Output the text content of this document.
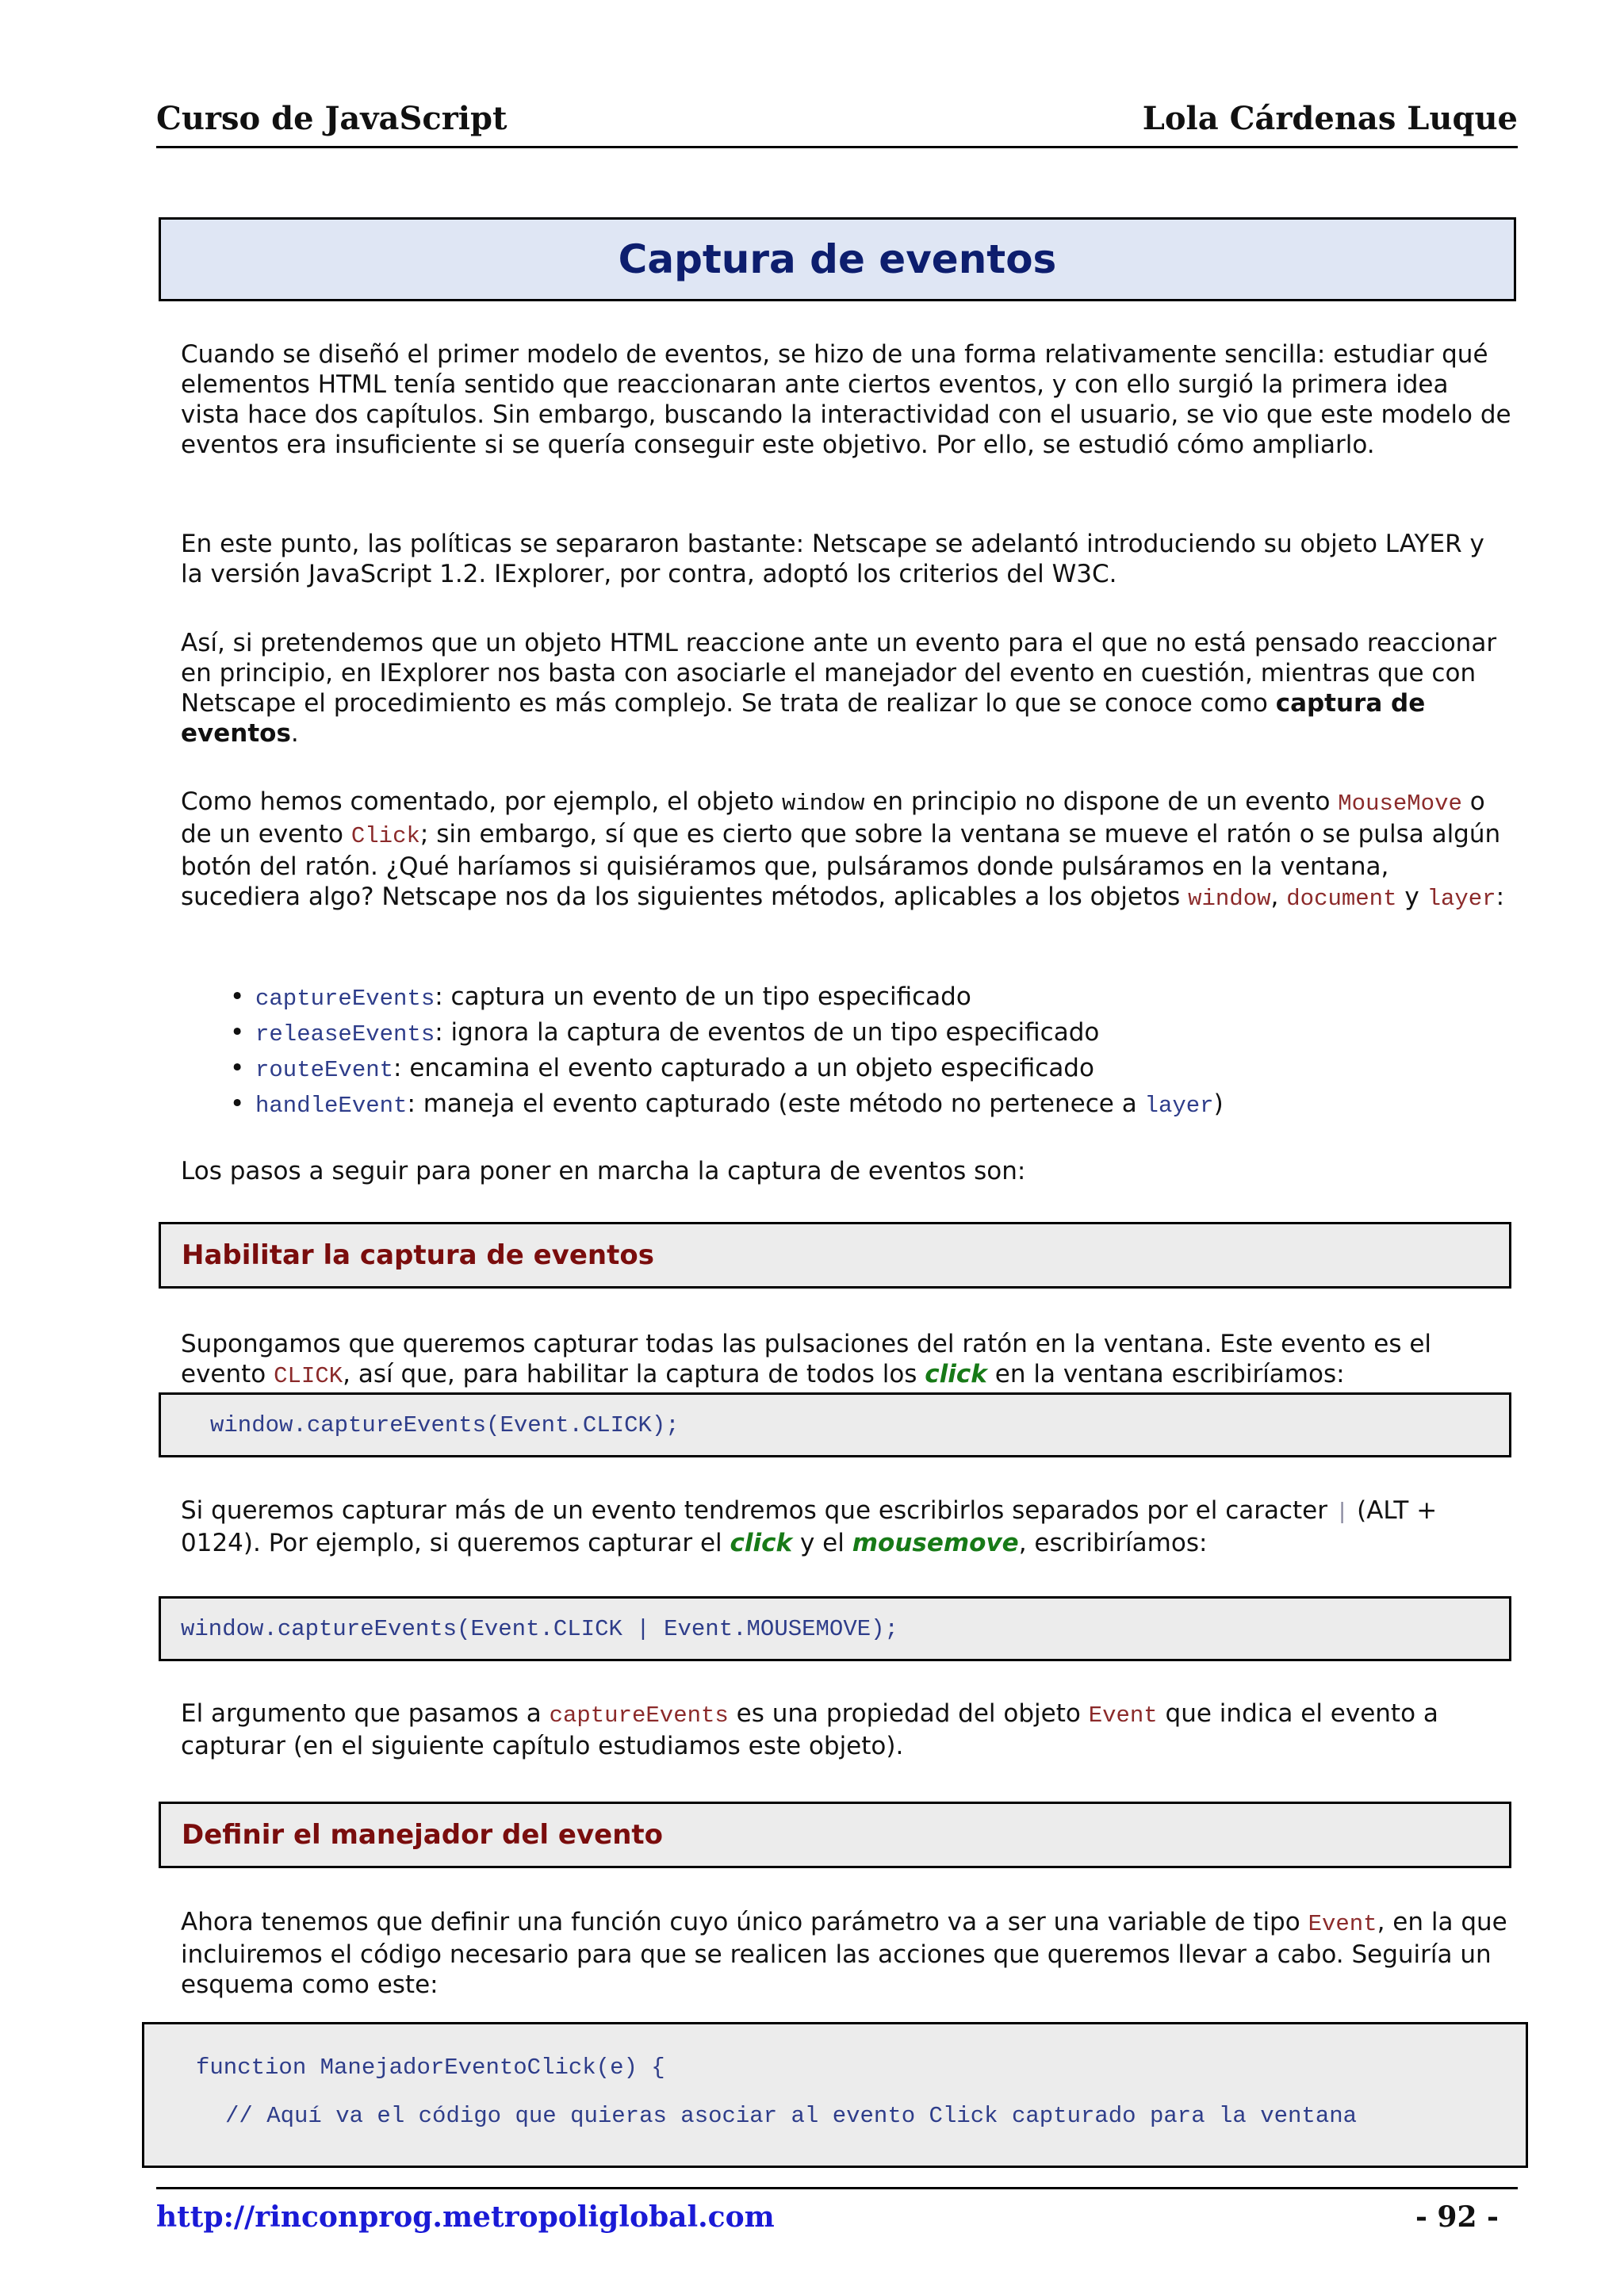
Curso de JavaScript	Lola Cárdenas Luque
Captura de eventos

Cuando se diseñó el primer modelo de eventos, se hizo de una forma relativamente sencilla: estudiar qué elementos HTML tenía sentido que reaccionaran ante ciertos eventos, y con ello surgió la primera idea vista hace dos capítulos. Sin embargo, buscando la interactividad con el usuario, se vio que este modelo de eventos era insuficiente si se quería conseguir este objetivo. Por ello, se estudió cómo ampliarlo.

En este punto, las políticas se separaron bastante: Netscape se adelantó introduciendo su objeto LAYER y la versión JavaScript 1.2. IExplorer, por contra, adoptó los criterios del W3C.

Así, si pretendemos que un objeto HTML reaccione ante un evento para el que no está pensado reaccionar en principio, en IExplorer nos basta con asociarle el manejador del evento en cuestión, mientras que con Netscape el procedimiento es más complejo. Se trata de realizar lo que se conoce como captura de eventos.

Como hemos comentado, por ejemplo, el objeto window en principio no dispone de un evento MouseMove o de un evento Click; sin embargo, sí que es cierto que sobre la ventana se mueve el ratón o se pulsa algún botón del ratón. ¿Qué haríamos si quisiéramos que, pulsáramos donde pulsáramos en la ventana, sucediera algo? Netscape nos da los siguientes métodos, aplicables a los objetos window, document y layer:

• captureEvents: captura un evento de un tipo especificado
• releaseEvents: ignora la captura de eventos de un tipo especificado
• routeEvent: encamina el evento capturado a un objeto especificado
• handleEvent: maneja el evento capturado (este método no pertenece a layer)

Los pasos a seguir para poner en marcha la captura de eventos son:

Habilitar la captura de eventos

Supongamos que queremos capturar todas las pulsaciones del ratón en la ventana. Este evento es el evento CLICK, así que, para habilitar la captura de todos los click en la ventana escribiríamos:

window.captureEvents(Event.CLICK);

Si queremos capturar más de un evento tendremos que escribirlos separados por el caracter | (ALT + 0124). Por ejemplo, si queremos capturar el click y el mousemove, escribiríamos:

window.captureEvents(Event.CLICK | Event.MOUSEMOVE);

El argumento que pasamos a captureEvents es una propiedad del objeto Event que indica el evento a capturar (en el siguiente capítulo estudiamos este objeto).

Definir el manejador del evento

Ahora tenemos que definir una función cuyo único parámetro va a ser una variable de tipo Event, en la que incluiremos el código necesario para que se realicen las acciones que queremos llevar a cabo. Seguiría un esquema como este:

function ManejadorEventoClick(e) {
// Aquí va el código que quieras asociar al evento Click capturado para la ventana
http://rinconprog.metropoliglobal.com	- 92 -
